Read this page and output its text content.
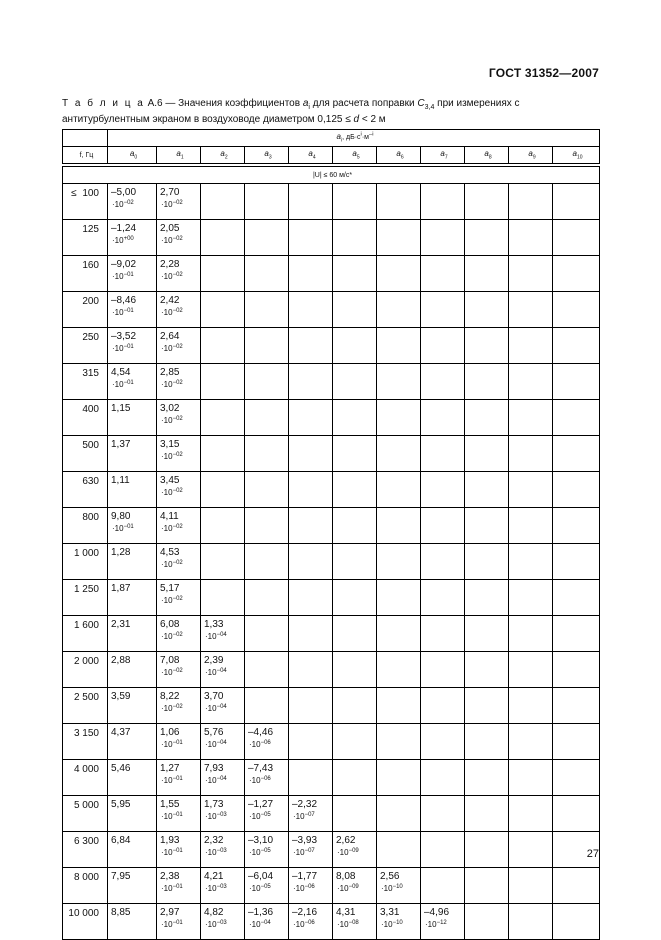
ГОСТ 31352—2007
Т а б л и ц а А.6 — Значения коэффициентов $a_i$ для расчета поправки $C_{3,4}$ при измерениях с антитурбулентным экраном в воздуховоде диаметром 0,125 ≤ d < 2 м
	$a_i$, $дБ\cdot c^i\cdot м^{-i}$
f, Гц	$a_0$	$a_1$	$a_2$	$a_3$	$a_4$	$a_5$	$a_6$	$a_7$	$a_8$	$a_9$	$a_{10}$

|U| ≤ 60 м/с*											

≤ 100	–5,00
$\cdot 10^{-02}$	2,70
$\cdot 10^{-02}$

125	–1,24
$\cdot 10^{+00}$	2,05
$\cdot 10^{-02}$

160	–9,02
$\cdot 10^{-01}$	2,28
$\cdot 10^{-02}$

200	–8,46
$\cdot 10^{-01}$	2,42
$\cdot 10^{-02}$

250	–3,52
$\cdot 10^{-01}$	2,64
$\cdot 10^{-02}$

315	4,54
$\cdot 10^{-01}$	2,85
$\cdot 10^{-02}$

400	1,15	3,02
$\cdot 10^{-02}$

500	1,37	3,15
$\cdot 10^{-02}$

630	1,11	3,45
$\cdot 10^{-02}$

800	9,80
$\cdot 10^{-01}$	4,11
$\cdot 10^{-02}$

1 000	1,28	4,53
$\cdot 10^{-02}$

1 250	1,87	5,17
$\cdot 10^{-02}$

1 600	2,31	6,08
$\cdot 10^{-02}$	1,33
$\cdot 10^{-04}$

2 000	2,88	7,08
$\cdot 10^{-02}$	2,39
$\cdot 10^{-04}$

2 500	3,59	8,22
$\cdot 10^{-02}$	3,70
$\cdot 10^{-04}$

3 150	4,37	1,06
$\cdot 10^{-01}$	5,76
$\cdot 10^{-04}$	–4,46
$\cdot 10^{-06}$

4 000	5,46	1,27
$\cdot 10^{-01}$	7,93
$\cdot 10^{-04}$	–7,43
$\cdot 10^{-06}$

5 000	5,95	1,55
$\cdot 10^{-01}$	1,73
$\cdot 10^{-03}$	–1,27
$\cdot 10^{-05}$	–2,32
$\cdot 10^{-07}$

6 300	6,84	1,93
$\cdot 10^{-01}$	2,32
$\cdot 10^{-03}$	–3,10
$\cdot 10^{-05}$	–3,93
$\cdot 10^{-07}$	2,62
$\cdot 10^{-09}$

8 000	7,95	2,38
$\cdot 10^{-01}$	4,21
$\cdot 10^{-03}$	–6,04
$\cdot 10^{-05}$	–1,77
$\cdot 10^{-06}$	8,08
$\cdot 10^{-09}$	2,56
$\cdot 10^{-10}$

10 000	8,85	2,97
$\cdot 10^{-01}$	4,82
$\cdot 10^{-03}$	–1,36
$\cdot 10^{-04}$	–2,16
$\cdot 10^{-06}$	4,31
$\cdot 10^{-08}$	3,31
$\cdot 10^{-10}$	–4,96
$\cdot 10^{-12}$

27
